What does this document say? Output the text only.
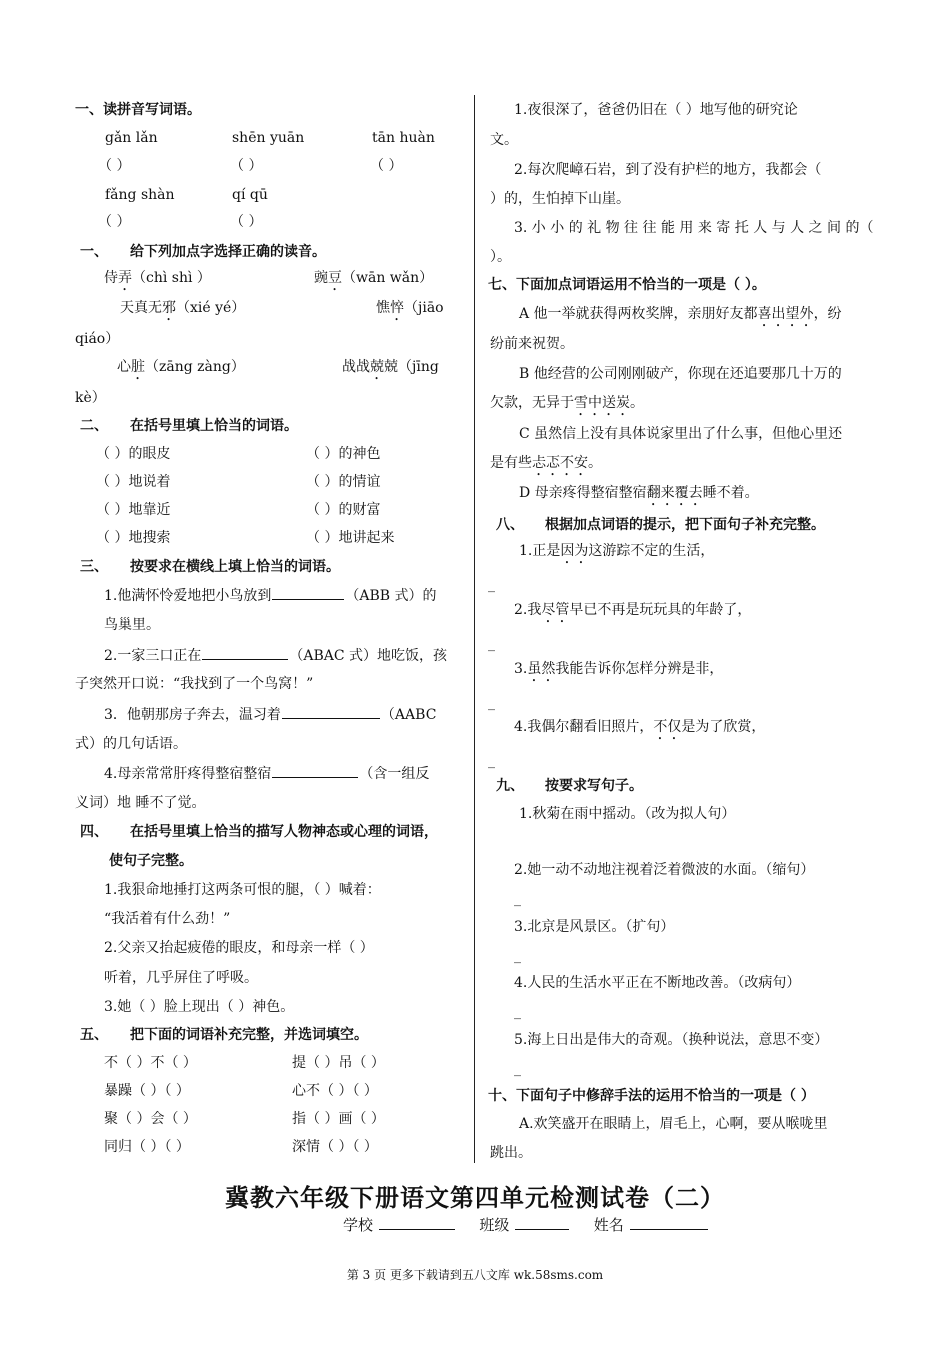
一、读拼音写词语。
gǎn lǎn	shēn yuān	tān huàn
（ ）	（ ）	（ ）
fǎng shàn	qí qū
（ ）	（ ）
一、 给下列加点字选择正确的读音。
侍弄（chì shì ）	豌豆（wān wǎn）
天真无邪（xié yé）	憔悴（jiāo
qiáo）
心脏（zāng zàng）	战战兢兢（jīng
kè）
二、 在括号里填上恰当的词语。
（ ）的眼皮	（ ）的神色
（ ）地说着	（ ）的情谊
（ ）地靠近	（ ）的财富
（ ）地搜索	（ ）地讲起来
三、 按要求在横线上填上恰当的词语。
1.他满怀怜爱地把小鸟放到	（ABB 式）的
鸟巢里。
2.一家三口正在	（ABAC 式）地吃饭，孩
子突然开口说：“我找到了一个鸟窝！”
3．他朝那房子奔去，温习着	（AABC
式）的几句话语。
4.母亲常常肝疼得整宿整宿	（含一组反
义词）地 睡不了觉。
四、 在括号里填上恰当的描写人物神态或心理的词语，
使句子完整。
1.我狠命地捶打这两条可恨的腿，（ ）喊着：
“我活着有什么劲！”
2.父亲又抬起疲倦的眼皮，和母亲一样（ ）
听着，几乎屏住了呼吸。
3.她（ ）脸上现出（ ）神色。
五、 把下面的词语补充完整，并选词填空。
不（ ）不（ ）	提（ ）吊（ ）
暴躁（ ）（ ）	心不（ ）（ ）
聚（ ）会（ ）	指（ ）画（ ）
同归（ ）（ ）	深情（ ）（ ）
1.夜很深了，爸爸仍旧在（ ）地写他的研究论
文。
2.每次爬嶂石岩，到了没有护栏的地方，我都会（
）的，生怕掉下山崖。
3. 小 小 的 礼 物 往 往 能 用 来 寄 托 人 与 人 之 间 的（
）。
七、下面加点词语运用不恰当的一项是（ ）。
A 他一举就获得两枚奖牌，亲朋好友都喜出望外，纷
纷前来祝贺。
B 他经营的公司刚刚破产，你现在还追要那几十万的
欠款，无异于雪中送炭。
C 虽然信上没有具体说家里出了什么事，但他心里还
是有些忐忑不安。
D 母亲疼得整宿整宿翻来覆去睡不着。
八、 根据加点词语的提示，把下面句子补充完整。
1.正是因为这游踪不定的生活，
_
2.我尽管早已不再是玩玩具的年龄了，
_
3.虽然我能告诉你怎样分辨是非，
_
4.我偶尔翻看旧照片，不仅是为了欣赏，
_
九、 按要求写句子。
1.秋菊在雨中摇动。（改为拟人句）
2.她一动不动地注视着泛着微波的水面。（缩句）
_
3.北京是风景区。（扩句）
_
4.人民的生活水平正在不断地改善。（改病句）
_
5.海上日出是伟大的奇观。（换种说法，意思不变）
_
十、下面句子中修辞手法的运用不恰当的一项是（ ）
A.欢笑盛开在眼睛上，眉毛上，心啊，要从喉咙里
跳出。
冀教六年级下册语文第四单元检测试卷（二）
学校	班级	姓名
第 3 页 更多下载请到五八文库 wk.58sms.com
